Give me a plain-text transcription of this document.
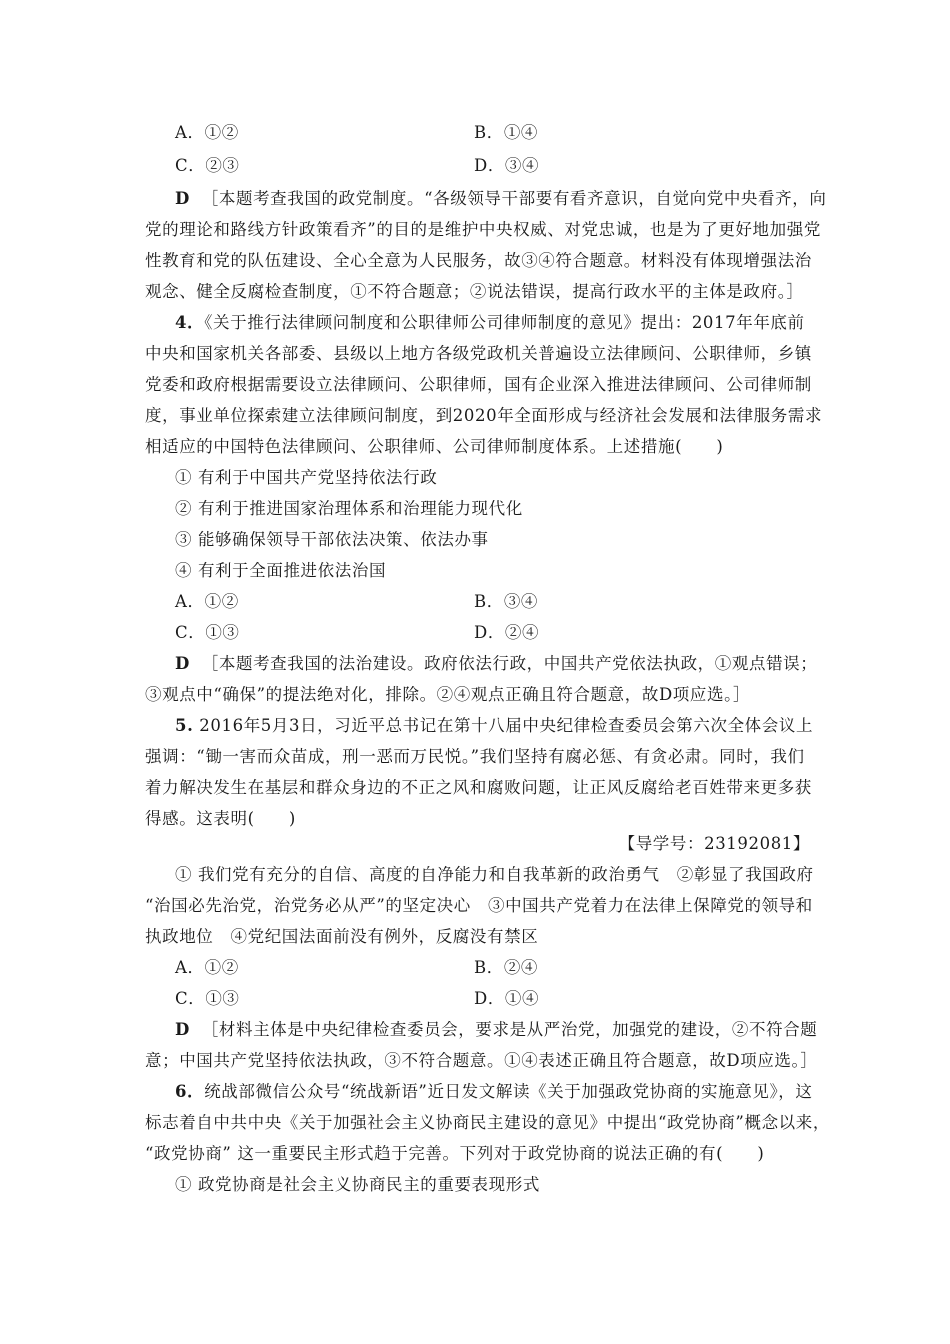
A．①②	B．①④
C．②③	D．③④
D ［本题考查我国的政党制度。“各级领导干部要有看齐意识，自觉向党中央看齐，向
党的理论和路线方针政策看齐”的目的是维护中央权威、对党忠诚，也是为了更好地加强党
性教育和党的队伍建设、全心全意为人民服务，故③④符合题意。材料没有体现增强法治
观念、健全反腐检查制度，①不符合题意；②说法错误，提高行政水平的主体是政府。］
4．《关于推行法律顾问制度和公职律师公司律师制度的意见》提出：2017年年底前
中央和国家机关各部委、县级以上地方各级党政机关普遍设立法律顾问、公职律师，乡镇
党委和政府根据需要设立法律顾问、公职律师，国有企业深入推进法律顾问、公司律师制
度，事业单位探索建立法律顾问制度，到2020年全面形成与经济社会发展和法律服务需求
相适应的中国特色法律顾问、公职律师、公司律师制度体系。上述措施(　　)
① 有利于中国共产党坚持依法行政
② 有利于推进国家治理体系和治理能力现代化
③ 能够确保领导干部依法决策、依法办事
④ 有利于全面推进依法治国
A．①②	B．③④
C．①③	D．②④
D ［本题考查我国的法治建设。政府依法行政，中国共产党依法执政，①观点错误；
③观点中“确保”的提法绝对化，排除。②④观点正确且符合题意，故D项应选。］
5. 2016年5月3日，习近平总书记在第十八届中央纪律检查委员会第六次全体会议上
强调：“锄一害而众苗成，刑一恶而万民悦。”我们坚持有腐必惩、有贪必肃。同时，我们
着力解决发生在基层和群众身边的不正之风和腐败问题，让正风反腐给老百姓带来更多获
得感。这表明(　　)
【导学号：23192081】
① 我们党有充分的自信、高度的自净能力和自我革新的政治勇气　②彰显了我国政府
“治国必先治党，治党务必从严”的坚定决心　③中国共产党着力在法律上保障党的领导和
执政地位　④党纪国法面前没有例外，反腐没有禁区
A．①②	B．②④
C．①③	D．①④
D ［材料主体是中央纪律检查委员会，要求是从严治党，加强党的建设，②不符合题
意；中国共产党坚持依法执政，③不符合题意。①④表述正确且符合题意，故D项应选。］
6．统战部微信公众号“统战新语”近日发文解读《关于加强政党协商的实施意见》，这
标志着自中共中央《关于加强社会主义协商民主建设的意见》中提出“政党协商”概念以来，
“政党协商” 这一重要民主形式趋于完善。下列对于政党协商的说法正确的有(　　)
① 政党协商是社会主义协商民主的重要表现形式
